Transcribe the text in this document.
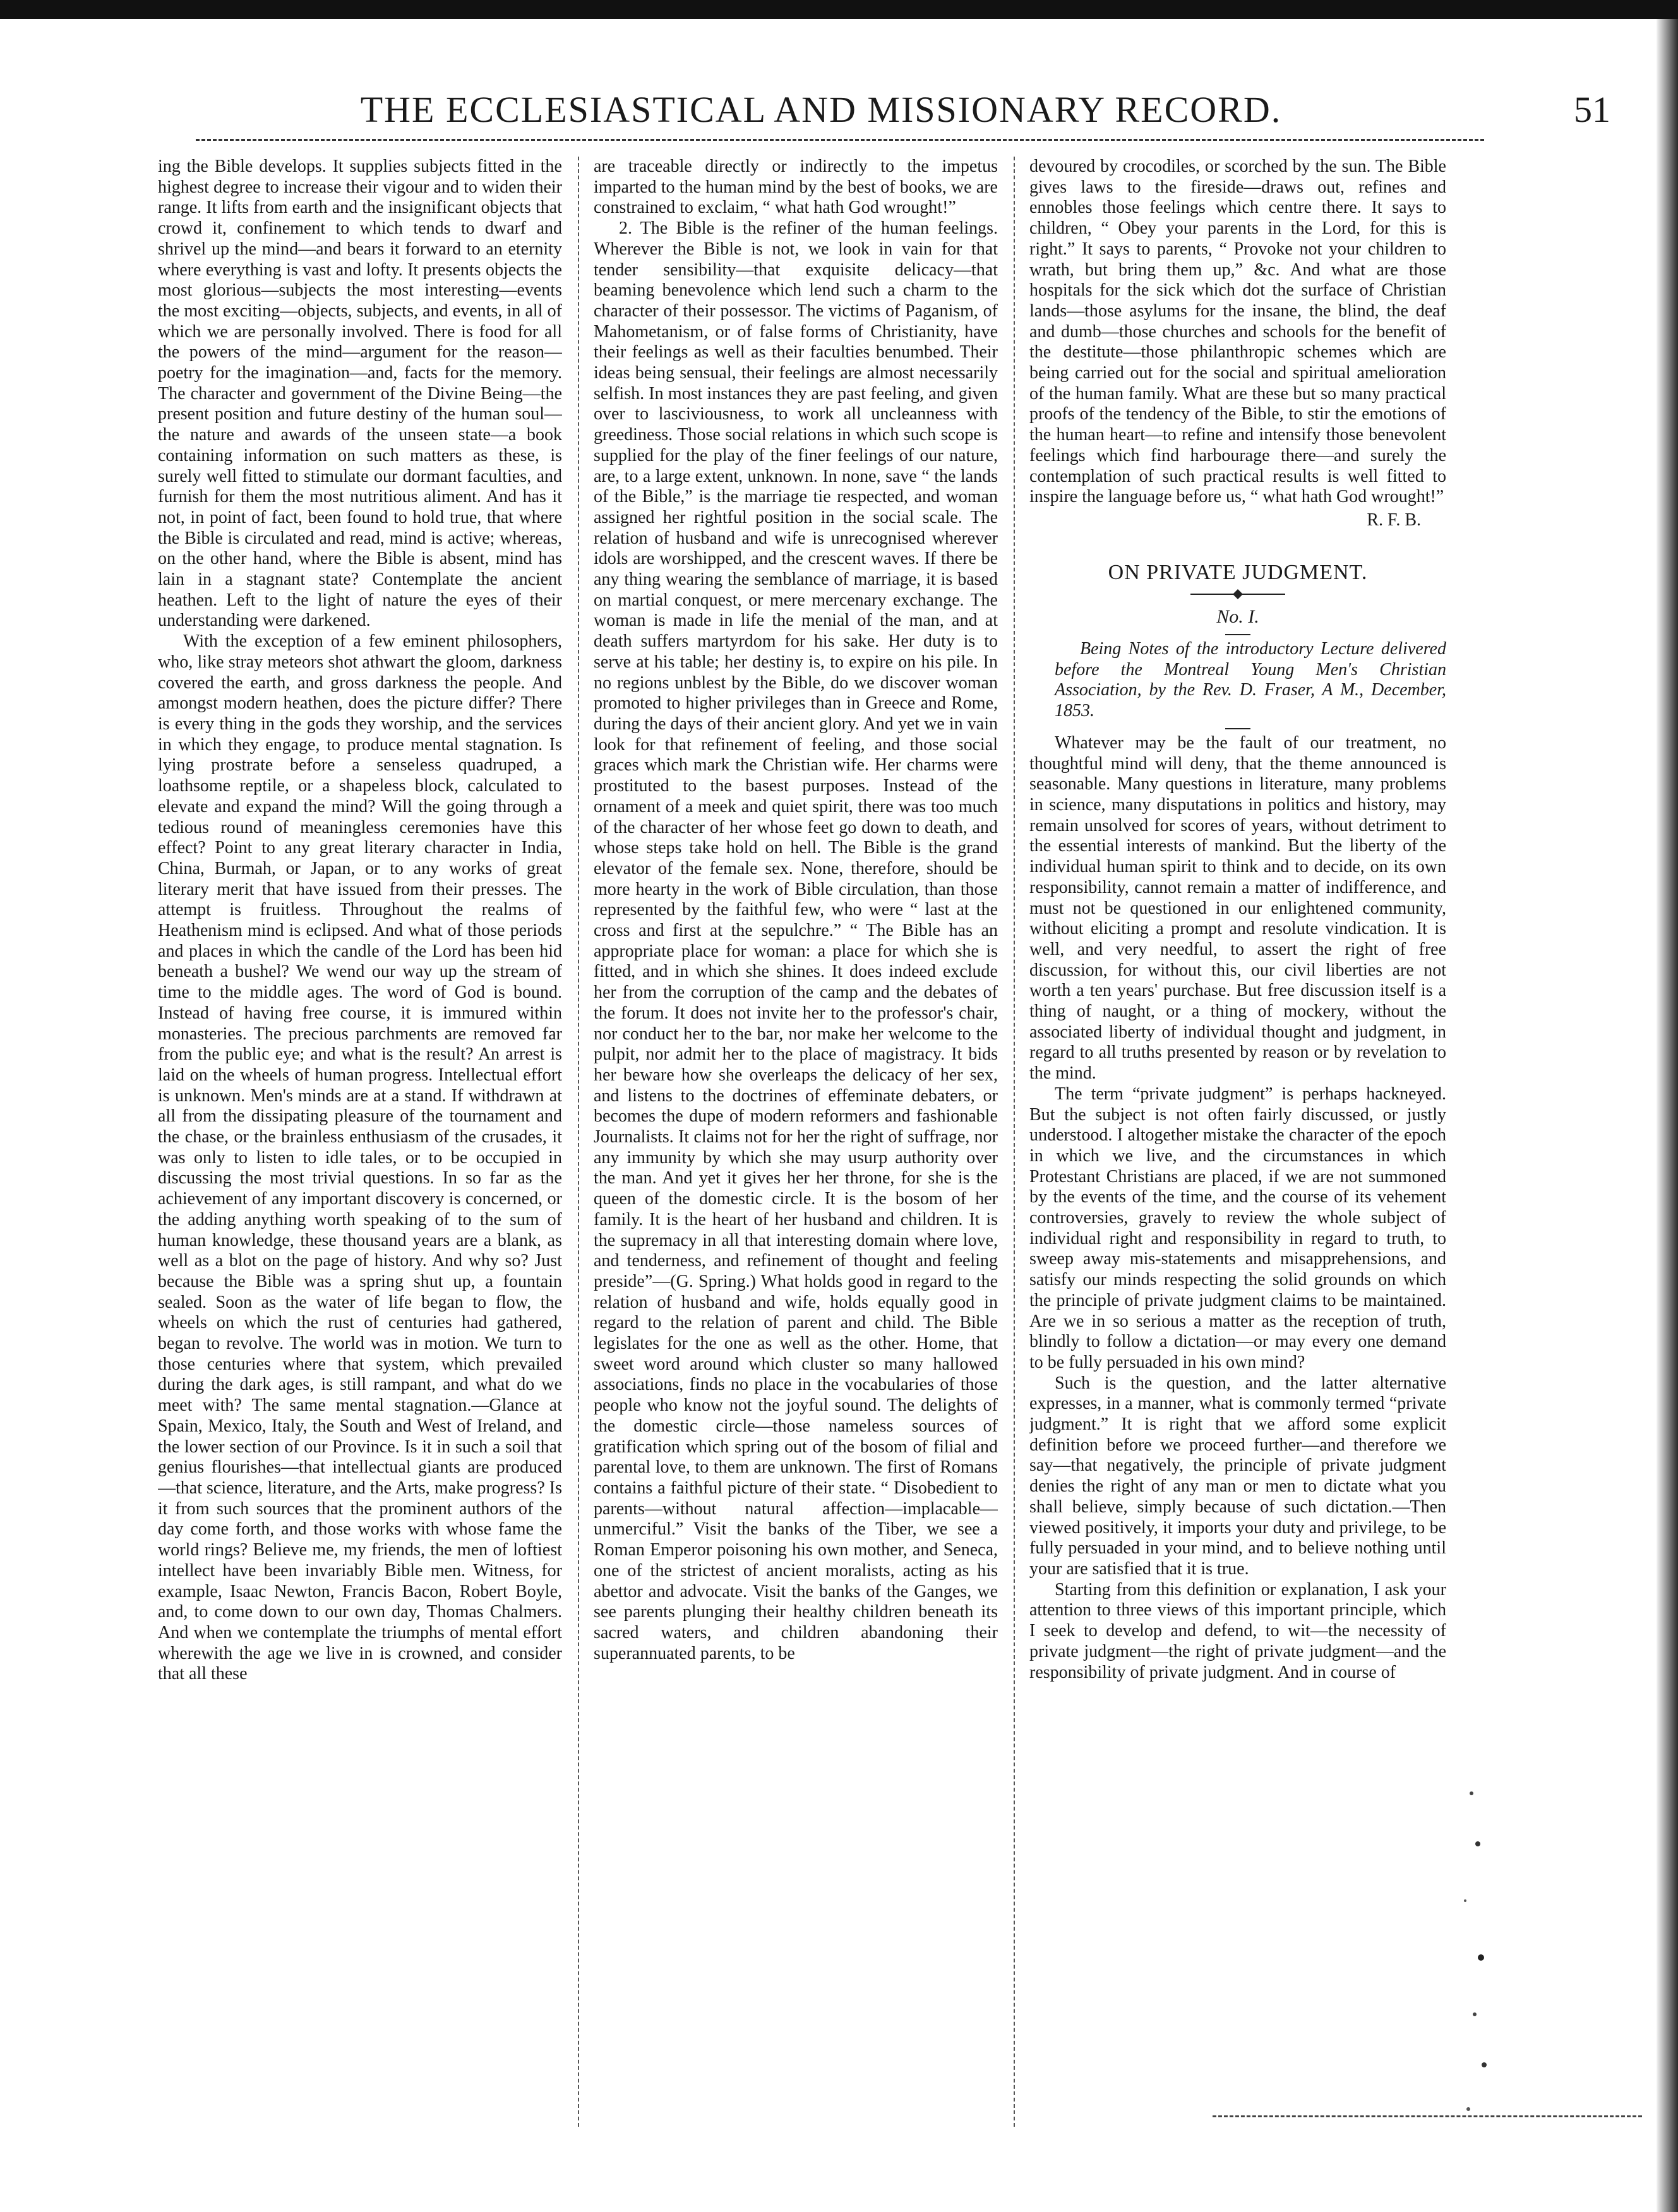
THE ECCLESIASTICAL AND MISSIONARY RECORD.	51

ing the Bible develops. It supplies subjects fitted in the highest degree to increase their vigour and to widen their range. It lifts from earth and the insignificant objects that crowd it, confinement to which tends to dwarf and shrivel up the mind—and bears it forward to an eternity where everything is vast and lofty. It presents objects the most glorious—subjects the most interesting—events the most exciting—objects, subjects, and events, in all of which we are personally involved. There is food for all the powers of the mind—argument for the reason—poetry for the imagination—and, facts for the memory. The character and government of the Divine Being—the present position and future destiny of the human soul—the nature and awards of the unseen state—a book containing information on such matters as these, is surely well fitted to stimulate our dormant faculties, and furnish for them the most nutritious aliment. And has it not, in point of fact, been found to hold true, that where the Bible is circulated and read, mind is active; whereas, on the other hand, where the Bible is absent, mind has lain in a stagnant state? Contemplate the ancient heathen. Left to the light of nature the eyes of their understanding were darkened.

With the exception of a few eminent philosophers, who, like stray meteors shot athwart the gloom, darkness covered the earth, and gross darkness the people. And amongst modern heathen, does the picture differ? There is every thing in the gods they worship, and the services in which they engage, to produce mental stagnation. Is lying prostrate before a senseless quadruped, a loathsome reptile, or a shapeless block, calculated to elevate and expand the mind? Will the going through a tedious round of meaningless ceremonies have this effect? Point to any great literary character in India, China, Burmah, or Japan, or to any works of great literary merit that have issued from their presses. The attempt is fruitless. Throughout the realms of Heathenism mind is eclipsed. And what of those periods and places in which the candle of the Lord has been hid beneath a bushel? We wend our way up the stream of time to the middle ages. The word of God is bound. Instead of having free course, it is immured within monasteries. The precious parchments are removed far from the public eye; and what is the result? An arrest is laid on the wheels of human progress. Intellectual effort is unknown. Men's minds are at a stand. If withdrawn at all from the dissipating pleasure of the tournament and the chase, or the brainless enthusiasm of the crusades, it was only to listen to idle tales, or to be occupied in discussing the most trivial questions. In so far as the achievement of any important discovery is concerned, or the adding anything worth speaking of to the sum of human knowledge, these thousand years are a blank, as well as a blot on the page of history. And why so? Just because the Bible was a spring shut up, a fountain sealed. Soon as the water of life began to flow, the wheels on which the rust of centuries had gathered, began to revolve. The world was in motion. We turn to those centuries where that system, which prevailed during the dark ages, is still rampant, and what do we meet with? The same mental stagnation.—Glance at Spain, Mexico, Italy, the South and West of Ireland, and the lower section of our Province. Is it in such a soil that genius flourishes—that intellectual giants are produced—that science, literature, and the Arts, make progress? Is it from such sources that the prominent authors of the day come forth, and those works with whose fame the world rings? Believe me, my friends, the men of loftiest intellect have been invariably Bible men. Witness, for example, Isaac Newton, Francis Bacon, Robert Boyle, and, to come down to our own day, Thomas Chalmers. And when we contemplate the triumphs of mental effort wherewith the age we live in is crowned, and consider that all these

are traceable directly or indirectly to the impetus imparted to the human mind by the best of books, we are constrained to exclaim, “ what hath God wrought!”

2. The Bible is the refiner of the human feelings. Wherever the Bible is not, we look in vain for that tender sensibility—that exquisite delicacy—that beaming benevolence which lend such a charm to the character of their possessor. The victims of Paganism, of Mahometanism, or of false forms of Christianity, have their feelings as well as their faculties benumbed. Their ideas being sensual, their feelings are almost necessarily selfish. In most instances they are past feeling, and given over to lasciviousness, to work all uncleanness with greediness. Those social relations in which such scope is supplied for the play of the finer feelings of our nature, are, to a large extent, unknown. In none, save “ the lands of the Bible,” is the marriage tie respected, and woman assigned her rightful position in the social scale. The relation of husband and wife is unrecognised wherever idols are worshipped, and the crescent waves. If there be any thing wearing the semblance of marriage, it is based on martial conquest, or mere mercenary exchange. The woman is made in life the menial of the man, and at death suffers martyrdom for his sake. Her duty is to serve at his table; her destiny is, to expire on his pile. In no regions unblest by the Bible, do we discover woman promoted to higher privileges than in Greece and Rome, during the days of their ancient glory. And yet we in vain look for that refinement of feeling, and those social graces which mark the Christian wife. Her charms were prostituted to the basest purposes. Instead of the ornament of a meek and quiet spirit, there was too much of the character of her whose feet go down to death, and whose steps take hold on hell. The Bible is the grand elevator of the female sex. None, therefore, should be more hearty in the work of Bible circulation, than those represented by the faithful few, who were “ last at the cross and first at the sepulchre.” “ The Bible has an appropriate place for woman: a place for which she is fitted, and in which she shines. It does indeed exclude her from the corruption of the camp and the debates of the forum. It does not invite her to the professor's chair, nor conduct her to the bar, nor make her welcome to the pulpit, nor admit her to the place of magistracy. It bids her beware how she overleaps the delicacy of her sex, and listens to the doctrines of effeminate debaters, or becomes the dupe of modern reformers and fashionable Journalists. It claims not for her the right of suffrage, nor any immunity by which she may usurp authority over the man. And yet it gives her her throne, for she is the queen of the domestic circle. It is the bosom of her family. It is the heart of her husband and children. It is the supremacy in all that interesting domain where love, and tenderness, and refinement of thought and feeling preside”—(G. Spring.) What holds good in regard to the relation of husband and wife, holds equally good in regard to the relation of parent and child. The Bible legislates for the one as well as the other. Home, that sweet word around which cluster so many hallowed associations, finds no place in the vocabularies of those people who know not the joyful sound. The delights of the domestic circle—those nameless sources of gratification which spring out of the bosom of filial and parental love, to them are unknown. The first of Romans contains a faithful picture of their state. “ Disobedient to parents—without natural affection—implacable—unmerciful.” Visit the banks of the Tiber, we see a Roman Emperor poisoning his own mother, and Seneca, one of the strictest of ancient moralists, acting as his abettor and advocate. Visit the banks of the Ganges, we see parents plunging their healthy children beneath its sacred waters, and children abandoning their superannuated parents, to be

devoured by crocodiles, or scorched by the sun. The Bible gives laws to the fireside—draws out, refines and ennobles those feelings which centre there. It says to children, “ Obey your parents in the Lord, for this is right.” It says to parents, “ Provoke not your children to wrath, but bring them up,” &c. And what are those hospitals for the sick which dot the surface of Christian lands—those asylums for the insane, the blind, the deaf and dumb—those churches and schools for the benefit of the destitute—those philanthropic schemes which are being carried out for the social and spiritual amelioration of the human family. What are these but so many practical proofs of the tendency of the Bible, to stir the emotions of the human heart—to refine and intensify those benevolent feelings which find harbourage there—and surely the contemplation of such practical results is well fitted to inspire the language before us, “ what hath God wrought!”

R. F. B.
ON PRIVATE JUDGMENT.
No. I.

Being Notes of the introductory Lecture delivered before the Montreal Young Men's Christian Association, by the Rev. D. Fraser, A M., December, 1853.

Whatever may be the fault of our treatment, no thoughtful mind will deny, that the theme announced is seasonable. Many questions in literature, many problems in science, many disputations in politics and history, may remain unsolved for scores of years, without detriment to the essential interests of mankind. But the liberty of the individual human spirit to think and to decide, on its own responsibility, cannot remain a matter of indifference, and must not be questioned in our enlightened community, without eliciting a prompt and resolute vindication. It is well, and very needful, to assert the right of free discussion, for without this, our civil liberties are not worth a ten years' purchase. But free discussion itself is a thing of naught, or a thing of mockery, without the associated liberty of individual thought and judgment, in regard to all truths presented by reason or by revelation to the mind.

The term “private judgment” is perhaps hackneyed. But the subject is not often fairly discussed, or justly understood. I altogether mistake the character of the epoch in which we live, and the circumstances in which Protestant Christians are placed, if we are not summoned by the events of the time, and the course of its vehement controversies, gravely to review the whole subject of individual right and responsibility in regard to truth, to sweep away mis-statements and misapprehensions, and satisfy our minds respecting the solid grounds on which the principle of private judgment claims to be maintained. Are we in so serious a matter as the reception of truth, blindly to follow a dictation—or may every one demand to be fully persuaded in his own mind?

Such is the question, and the latter alternative expresses, in a manner, what is commonly termed “private judgment.” It is right that we afford some explicit definition before we proceed further—and therefore we say—that negatively, the principle of private judgment denies the right of any man or men to dictate what you shall believe, simply because of such dictation.—Then viewed positively, it imports your duty and privilege, to be fully persuaded in your mind, and to believe nothing until your are satisfied that it is true.

Starting from this definition or explanation, I ask your attention to three views of this important principle, which I seek to develop and defend, to wit—the necessity of private judgment—the right of private judgment—and the responsibility of private judgment. And in course of
